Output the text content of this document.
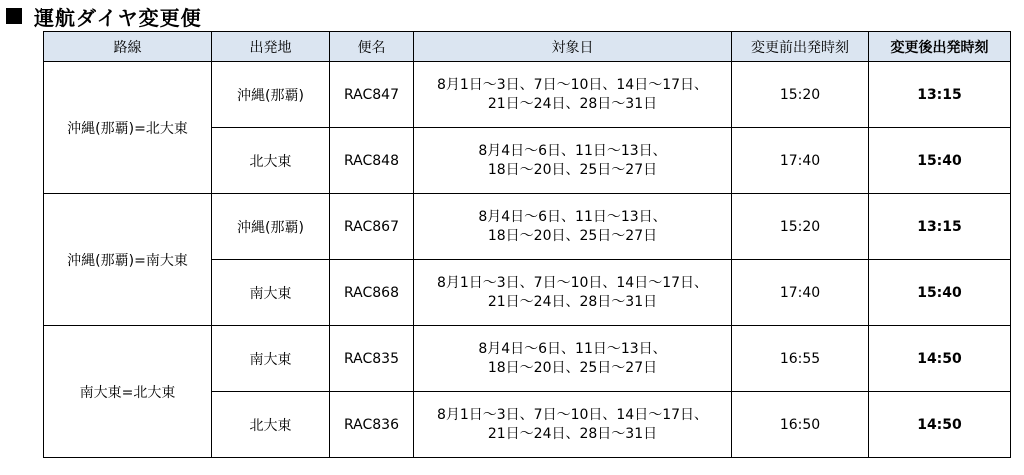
運航ダイヤ変更便
路線	出発地	便名	対象日	変更前出発時刻	変更後出発時刻
沖縄(那覇)=北大東	沖縄(那覇)	RAC847	8月1日～3日、7日～10日、14日～17日、
21日～24日、28日～31日	15:20	13:15
	北大東	RAC848	8月4日～6日、11日～13日、
18日～20日、25日～27日	17:40	15:40
沖縄(那覇)=南大東	沖縄(那覇)	RAC867	8月4日～6日、11日～13日、
18日～20日、25日～27日	15:20	13:15
	南大東	RAC868	8月1日～3日、7日～10日、14日～17日、
21日～24日、28日～31日	17:40	15:40
南大東=北大東	南大東	RAC835	8月4日～6日、11日～13日、
18日～20日、25日～27日	16:55	14:50
	北大東	RAC836	8月1日～3日、7日～10日、14日～17日、
21日～24日、28日～31日	16:50	14:50
